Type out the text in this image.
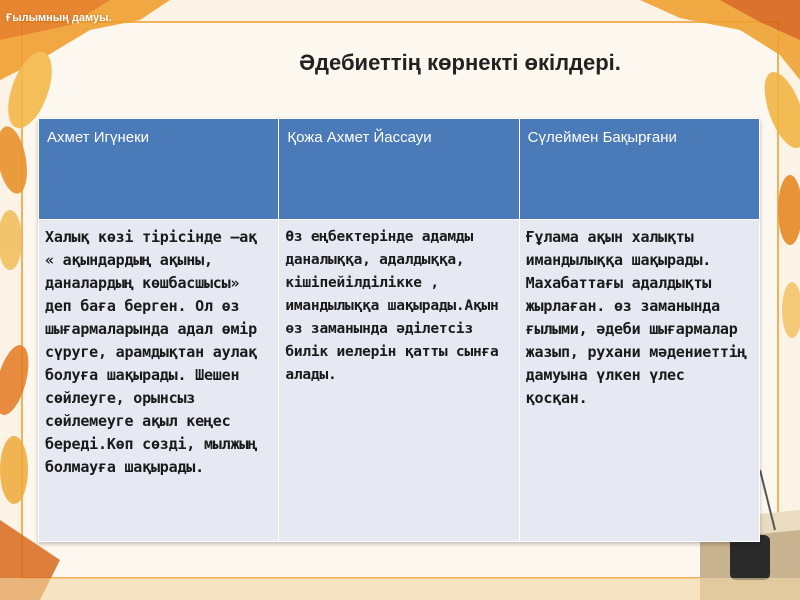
Ғылымның дамуы.
Әдебиеттің көрнекті өкілдері.
Ахмет Игүнеки	Қожа Ахмет Йассауи	Сүлеймен Бақырғани
Халық көзі тірісінде –ақ « ақындардың ақыны, даналардың көшбасшысы» деп баға берген. Ол өз шығармаларында адал өмір сүруге, арамдықтан аулақ болуға шақырады. Шешен сөйлеуге, орынсыз сөйлемеуге ақыл кеңес береді.Көп сөзді, мылжың болмауға шақырады.	Өз еңбектерінде адамды даналыққа, адалдыққа, кішіпейілділікке , имандылыққа шақырады.Ақын өз заманында әділетсіз билік иелерін қатты сынға алады.	Ғұлама ақын халықты имандылыққа шақырады. Махабаттағы адалдықты жырлаған. өз заманында ғылыми, әдеби шығармалар жазып, рухани мәдениеттің дамуына үлкен үлес қосқан.
